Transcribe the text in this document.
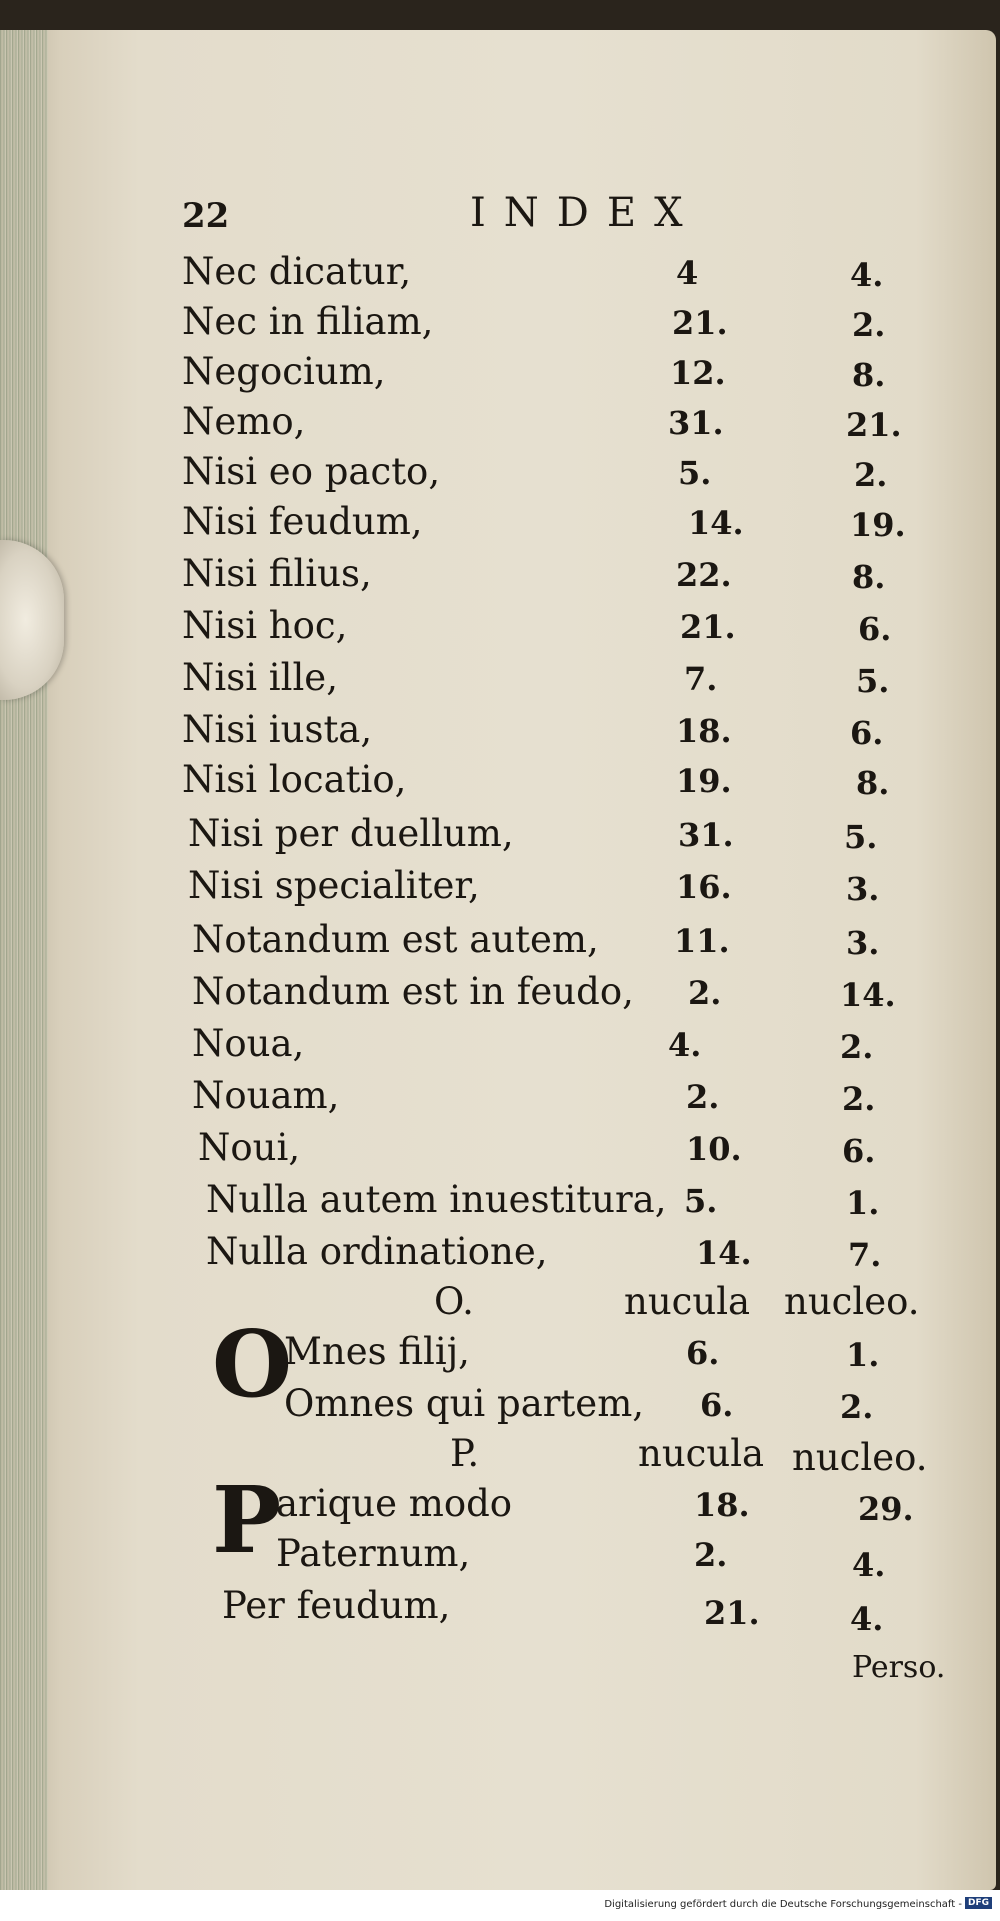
22	INDEX
Nec dicatur,	4	4.
Nec in filiam,	21.	2.
Negocium,	12.	8.
Nemo,	31.	21.
Nisi eo pacto,	5.	2.
Nisi feudum,	14.	19.
Nisi filius,	22.	8.
Nisi hoc,	21.	6.
Nisi ille,	7.	5.
Nisi iusta,	18.	6.
Nisi locatio,	19.	8.
Nisi per duellum,	31.	5.
Nisi specialiter,	16.	3.
Notandum est autem, 11.	3.
Notandum est in feudo, 2.	14.
Noua,	4.	2.
Nouam,	2.	2.
Noui,	10.	6.
Nulla autem inuestitura, 5.	1.
Nulla ordinatione,	14.	7.
O.	nucula nucleo.
O
Mnes filij,	6.	1.
Omnes qui partem, 6.	2.
P.	nucula nucleo.
P
arique modo	18.	29.
Paternum,	2.	4.
Per feudum,	21.	4.
Perso.
Digitalisierung gefördert durch die Deutsche Forschungsgemeinschaft - DFG
